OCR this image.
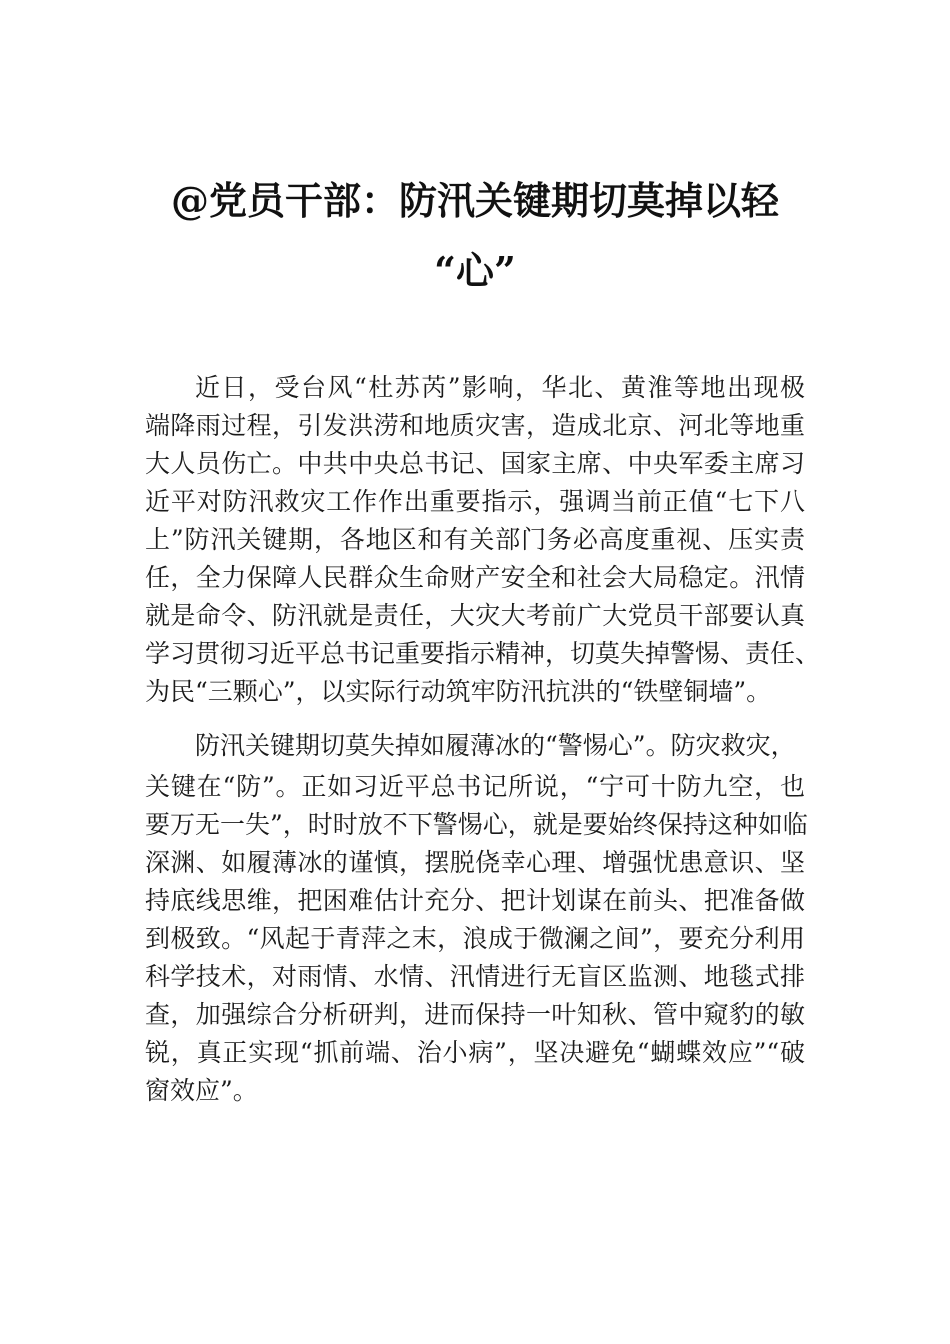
@党员干部：防汛关键期切莫掉以轻
“心”
近日，受台风“杜苏芮”影响，华北、黄淮等地出现极
端降雨过程，引发洪涝和地质灾害，造成北京、河北等地重
大人员伤亡。中共中央总书记、国家主席、中央军委主席习
近平对防汛救灾工作作出重要指示，强调当前正值“七下八
上”防汛关键期，各地区和有关部门务必高度重视、压实责
任，全力保障人民群众生命财产安全和社会大局稳定。汛情
就是命令、防汛就是责任，大灾大考前广大党员干部要认真
学习贯彻习近平总书记重要指示精神，切莫失掉警惕、责任、
为民“三颗心”，以实际行动筑牢防汛抗洪的“铁壁铜墙”。
防汛关键期切莫失掉如履薄冰的“警惕心”。防灾救灾，
关键在“防”。正如习近平总书记所说，“宁可十防九空，也
要万无一失”，时时放不下警惕心，就是要始终保持这种如临
深渊、如履薄冰的谨慎，摆脱侥幸心理、增强忧患意识、坚
持底线思维，把困难估计充分、把计划谋在前头、把准备做
到极致。“风起于青萍之末，浪成于微澜之间”，要充分利用
科学技术，对雨情、水情、汛情进行无盲区监测、地毯式排
查，加强综合分析研判，进而保持一叶知秋、管中窥豹的敏
锐，真正实现“抓前端、治小病”，坚决避免“蝴蝶效应”“破
窗效应”。
